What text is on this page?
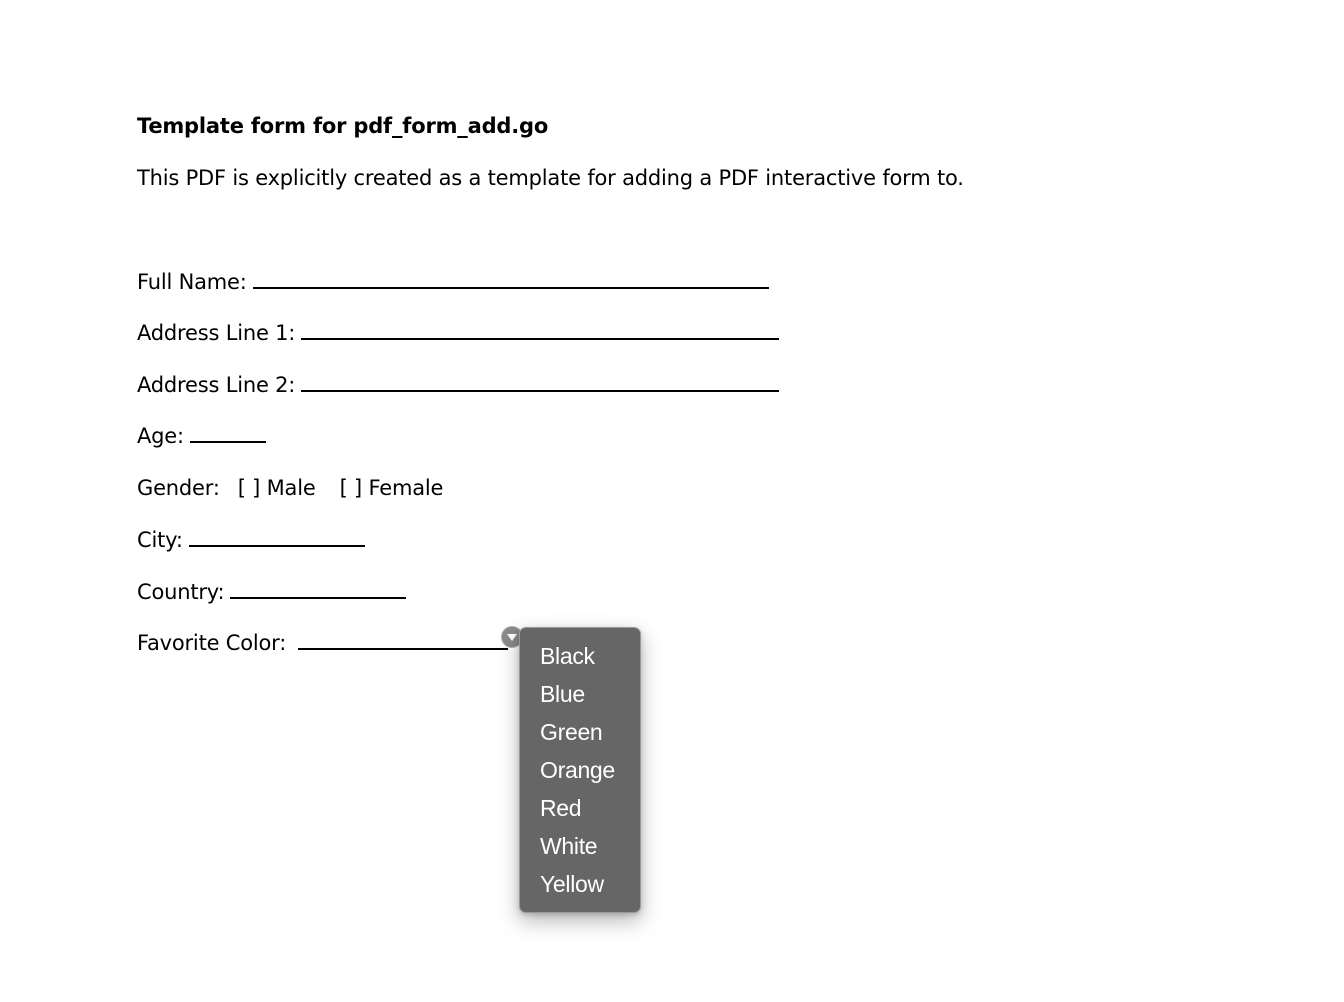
Template form for pdf_form_add.go
This PDF is explicitly created as a template for adding a PDF interactive form to.
Full Name:
Address Line 1:
Address Line 2:
Age:
Gender: [ ] Male [ ] Female
City:
Country:
Favorite Color:	Black
Blue
Green
Orange
Red
White
Yellow
